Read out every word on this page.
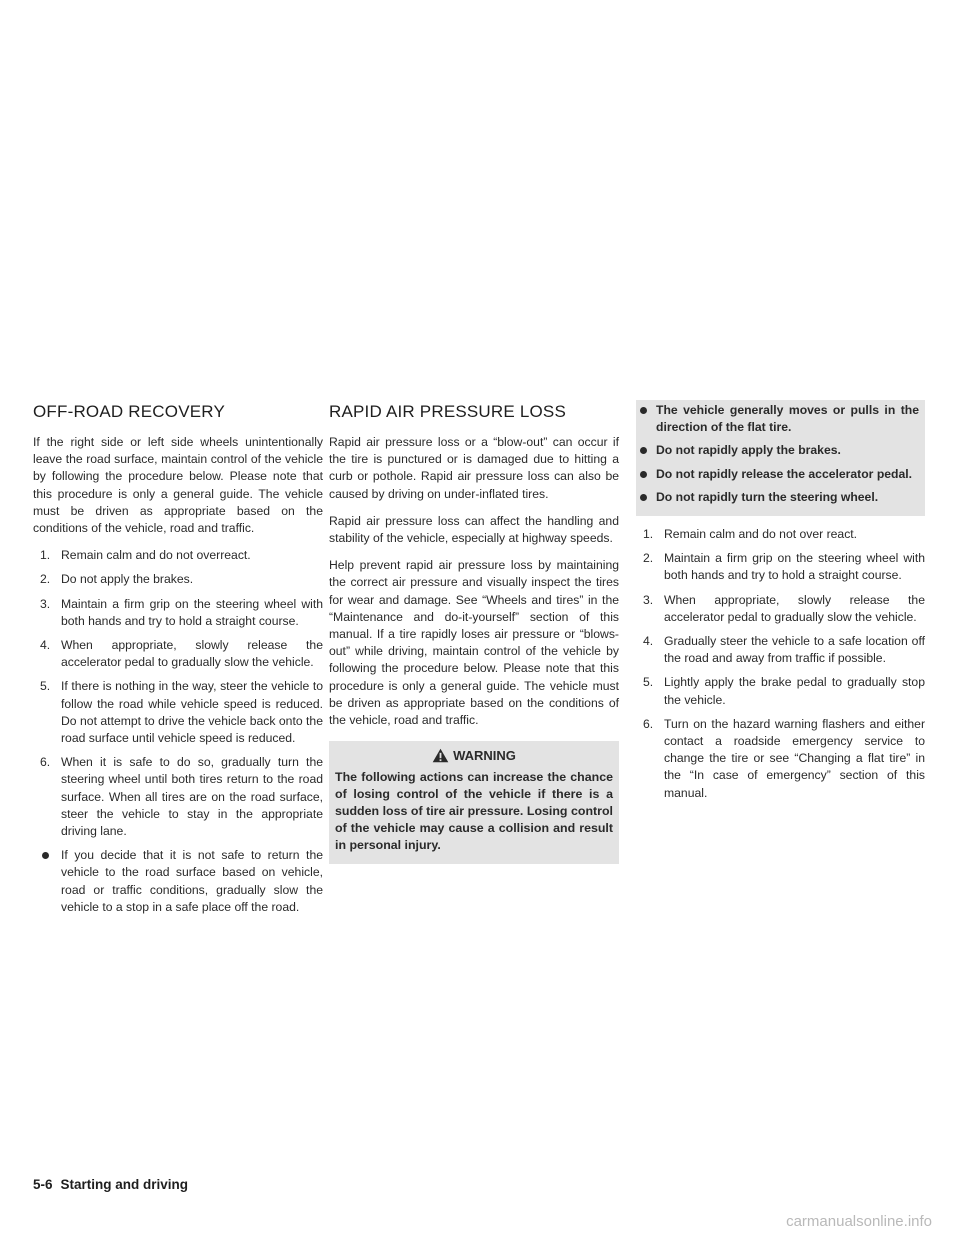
OFF-ROAD RECOVERY

If the right side or left side wheels unintentionally leave the road surface, maintain control of the vehicle by following the procedure below. Please note that this procedure is only a general guide. The vehicle must be driven as appropriate based on the conditions of the vehicle, road and traffic.

1. Remain calm and do not overreact.
2. Do not apply the brakes.
3. Maintain a firm grip on the steering wheel with both hands and try to hold a straight course.
4. When appropriate, slowly release the accelerator pedal to gradually slow the vehicle.
5. If there is nothing in the way, steer the vehicle to follow the road while vehicle speed is reduced. Do not attempt to drive the vehicle back onto the road surface until vehicle speed is reduced.
6. When it is safe to do so, gradually turn the steering wheel until both tires return to the road surface. When all tires are on the road surface, steer the vehicle to stay in the appropriate driving lane.
If you decide that it is not safe to return the vehicle to the road surface based on vehicle, road or traffic conditions, gradually slow the vehicle to a stop in a safe place off the road.
RAPID AIR PRESSURE LOSS

Rapid air pressure loss or a “blow-out” can occur if the tire is punctured or is damaged due to hitting a curb or pothole. Rapid air pressure loss can also be caused by driving on under-inflated tires.

Rapid air pressure loss can affect the handling and stability of the vehicle, especially at highway speeds.

Help prevent rapid air pressure loss by maintaining the correct air pressure and visually inspect the tires for wear and damage. See “Wheels and tires” in the “Maintenance and do-it-yourself” section of this manual. If a tire rapidly loses air pressure or “blows-out” while driving, maintain control of the vehicle by following the procedure below. Please note that this procedure is only a general guide. The vehicle must be driven as appropriate based on the conditions of the vehicle, road and traffic.

WARNING
The following actions can increase the chance of losing control of the vehicle if there is a sudden loss of tire air pressure. Losing control of the vehicle may cause a collision and result in personal injury.
The vehicle generally moves or pulls in the direction of the flat tire.
Do not rapidly apply the brakes.
Do not rapidly release the accelerator pedal.
Do not rapidly turn the steering wheel.
1. Remain calm and do not over react.
2. Maintain a firm grip on the steering wheel with both hands and try to hold a straight course.
3. When appropriate, slowly release the accelerator pedal to gradually slow the vehicle.
4. Gradually steer the vehicle to a safe location off the road and away from traffic if possible.
5. Lightly apply the brake pedal to gradually stop the vehicle.
6. Turn on the hazard warning flashers and either contact a roadside emergency service to change the tire or see “Changing a flat tire” in the “In case of emergency” section of this manual.
5-6 Starting and driving
carmanualsonline.info
